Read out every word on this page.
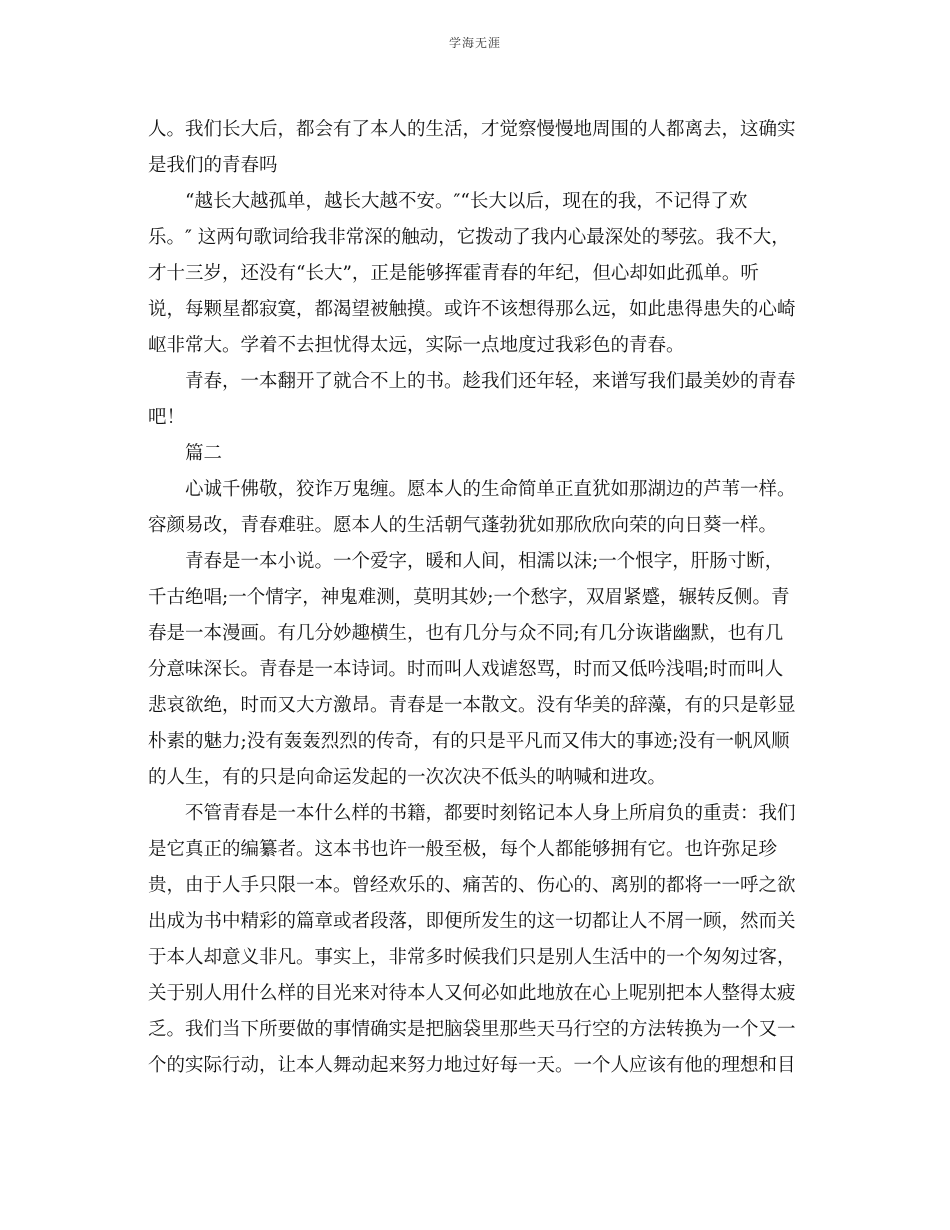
学海无涯
人。我们长大后，都会有了本人的生活，才觉察慢慢地周围的人都离去，这确实
是我们的青春吗
“越长大越孤单，越长大越不安。″“长大以后，现在的我，不记得了欢
乐。″ 这两句歌词给我非常深的触动，它拨动了我内心最深处的琴弦。我不大，
才十三岁，还没有“长大”，正是能够挥霍青春的年纪，但心却如此孤单。听
说，每颗星都寂寞，都渴望被触摸。或许不该想得那么远，如此患得患失的心崎
岖非常大。学着不去担忧得太远，实际一点地度过我彩色的青春。
青春，一本翻开了就合不上的书。趁我们还年轻，来谱写我们最美妙的青春
吧！
篇二
心诚千佛敬，狡诈万鬼缠。愿本人的生命简单正直犹如那湖边的芦苇一样。
容颜易改，青春难驻。愿本人的生活朝气蓬勃犹如那欣欣向荣的向日葵一样。
青春是一本小说。一个爱字，暖和人间，相濡以沫;一个恨字，肝肠寸断，
千古绝唱;一个情字，神鬼难测，莫明其妙;一个愁字，双眉紧蹙，辗转反侧。青
春是一本漫画。有几分妙趣横生，也有几分与众不同;有几分诙谐幽默，也有几
分意味深长。青春是一本诗词。时而叫人戏谑怒骂，时而又低吟浅唱;时而叫人
悲哀欲绝，时而又大方激昂。青春是一本散文。没有华美的辞藻，有的只是彰显
朴素的魅力;没有轰轰烈烈的传奇，有的只是平凡而又伟大的事迹;没有一帆风顺
的人生，有的只是向命运发起的一次次决不低头的呐喊和进攻。
不管青春是一本什么样的书籍，都要时刻铭记本人身上所肩负的重责：我们
是它真正的编纂者。这本书也许一般至极，每个人都能够拥有它。也许弥足珍
贵，由于人手只限一本。曾经欢乐的、痛苦的、伤心的、离别的都将一一呼之欲
出成为书中精彩的篇章或者段落，即便所发生的这一切都让人不屑一顾，然而关
于本人却意义非凡。事实上，非常多时候我们只是别人生活中的一个匆匆过客，
关于别人用什么样的目光来对待本人又何必如此地放在心上呢别把本人整得太疲
乏。我们当下所要做的事情确实是把脑袋里那些天马行空的方法转换为一个又一
个的实际行动，让本人舞动起来努力地过好每一天。一个人应该有他的理想和目
